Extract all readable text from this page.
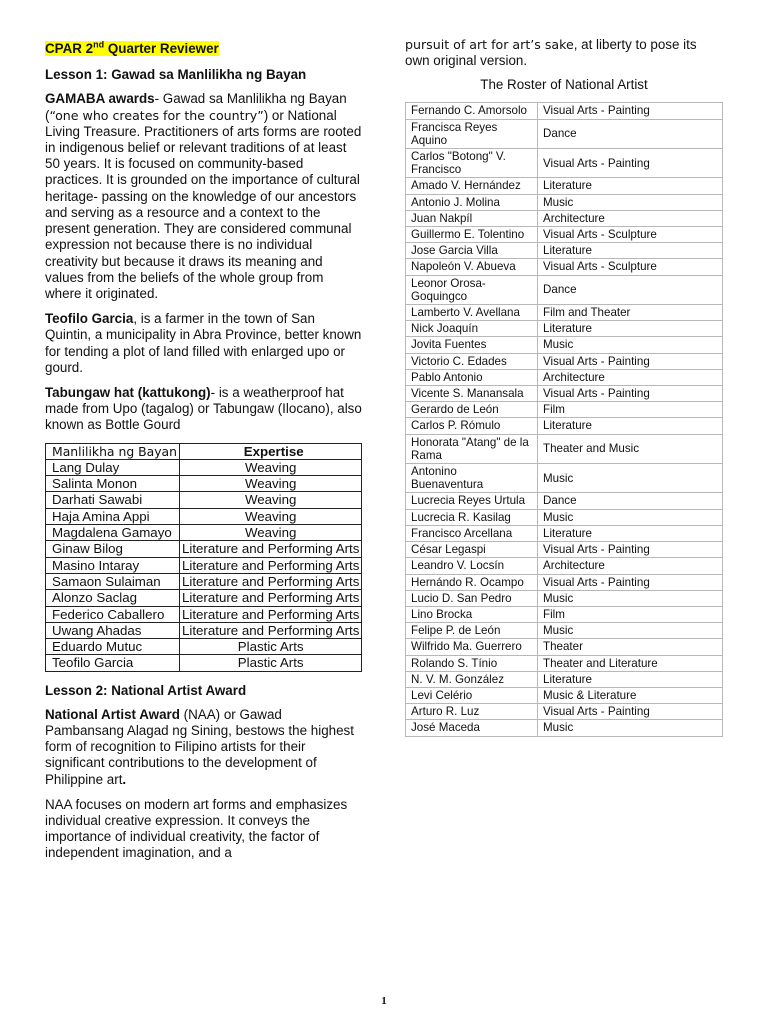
CPAR 2nd Quarter Reviewer
Lesson 1: Gawad sa Manlilikha ng Bayan

GAMABA awards- Gawad sa Manlilikha ng Bayan (“one who creates for the country”) or National Living Treasure. Practitioners of arts forms are rooted in indigenous belief or relevant traditions of at least 50 years. It is focused on community-based practices. It is grounded on the importance of cultural heritage- passing on the knowledge of our ancestors and serving as a resource and a context to the present generation. They are considered communal expression not because there is no individual creativity but because it draws its meaning and values from the beliefs of the whole group from where it originated.

Teofilo Garcia, is a farmer in the town of San Quintin, a municipality in Abra Province, better known for tending a plot of land filled with enlarged upo or gourd.

Tabungaw hat (kattukong)- is a weatherproof hat made from Upo (tagalog) or Tabungaw (Ilocano), also known as Bottle Gourd

Manlilikha ng Bayan	Expertise
Lang Dulay	Weaving
Salinta Monon	Weaving
Darhati Sawabi	Weaving
Haja Amina Appi	Weaving
Magdalena Gamayo	Weaving
Ginaw Bilog	Literature and Performing Arts
Masino Intaray	Literature and Performing Arts
Samaon Sulaiman	Literature and Performing Arts
Alonzo Saclag	Literature and Performing Arts
Federico Caballero	Literature and Performing Arts
Uwang Ahadas	Literature and Performing Arts
Eduardo Mutuc	Plastic Arts
Teofilo Garcia	Plastic Arts
Lesson 2: National Artist Award

National Artist Award (NAA) or Gawad Pambansang Alagad ng Sining, bestows the highest form of recognition to Filipino artists for their significant contributions to the development of Philippine art.

NAA focuses on modern art forms and emphasizes individual creative expression. It conveys the importance of individual creativity, the factor of independent imagination, and a

pursuit of art for art’s sake, at liberty to pose its own original version.

The Roster of National Artist
Fernando C. Amorsolo	Visual Arts - Painting
Francisca Reyes Aquino	Dance
Carlos "Botong" V. Francisco	Visual Arts - Painting
Amado V. Hernández	Literature
Antonio J. Molina	Music
Juan Nakpíl	Architecture
Guillermo E. Tolentino	Visual Arts - Sculpture
Jose Garcia Villa	Literature
Napoleón V. Abueva	Visual Arts - Sculpture
Leonor Orosa-Goquingco	Dance
Lamberto V. Avellana	Film and Theater
Nick Joaquín	Literature
Jovita Fuentes	Music
Victorio C. Edades	Visual Arts - Painting
Pablo Antonio	Architecture
Vicente S. Manansala	Visual Arts - Painting
Gerardo de León	Film
Carlos P. Rómulo	Literature
Honorata "Atang" de la Rama	Theater and Music
Antonino Buenaventura	Music
Lucrecia Reyes Urtula	Dance
Lucrecia R. Kasilag	Music
Francisco Arcellana	Literature
César Legaspi	Visual Arts - Painting
Leandro V. Locsín	Architecture
Hernándo R. Ocampo	Visual Arts - Painting
Lucio D. San Pedro	Music
Lino Brocka	Film
Felipe P. de León	Music
Wilfrido Ma. Guerrero	Theater
Rolando S. Tínio	Theater and Literature
N. V. M. González	Literature
Levi Celério	Music & Literature
Arturo R. Luz	Visual Arts - Painting
José Maceda	Music
1
